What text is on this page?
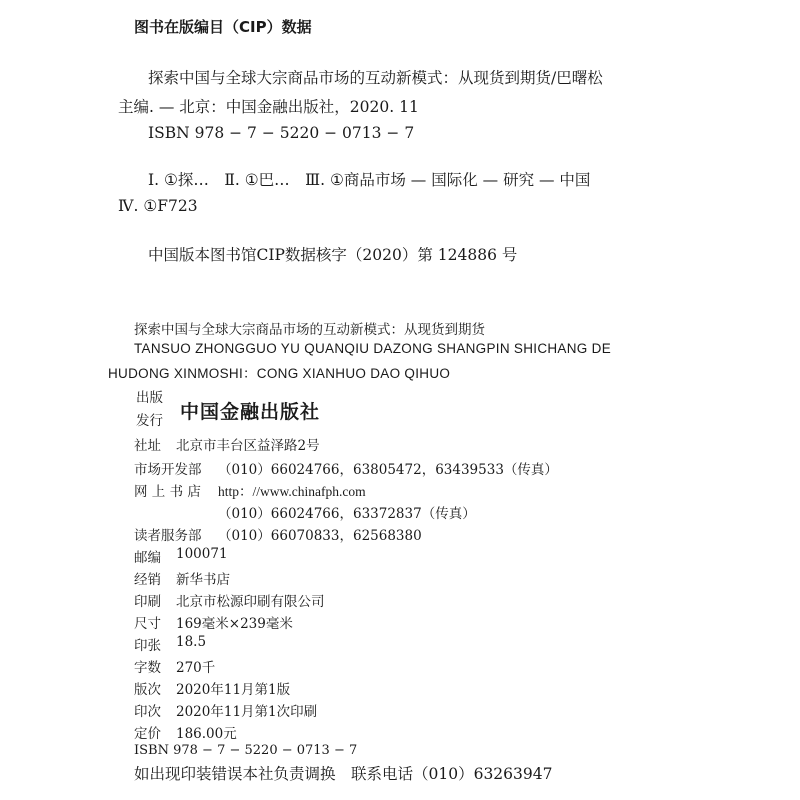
图书在版编目（CIP）数据
探索中国与全球大宗商品市场的互动新模式：从现货到期货/巴曙松
主编. — 北京：中国金融出版社，2020. 11
ISBN 978 − 7 − 5220 − 0713 − 7
Ⅰ. ①探…　Ⅱ. ①巴…　Ⅲ. ①商品市场 — 国际化 — 研究 — 中国
Ⅳ. ①F723
中国版本图书馆CIP数据核字（2020）第 124886 号
探索中国与全球大宗商品市场的互动新模式：从现货到期货
TANSUO ZHONGGUO YU QUANQIU DAZONG SHANGPIN SHICHANG DE
HUDONG XINMOSHI：CONG XIANHUO DAO QIHUO
出版
发行 中国金融出版社
社址 北京市丰台区益泽路2号
市场开发部 （010）66024766，63805472，63439533（传真）
网 上 书 店 http：//www.chinafph.com
（010）66024766，63372837（传真）
读者服务部 （010）66070833，62568380
邮编 100071
经销 新华书店
印刷 北京市松源印刷有限公司
尺寸 169毫米×239毫米
印张 18.5
字数 270千
版次 2020年11月第1版
印次 2020年11月第1次印刷
定价 186.00元
ISBN 978 − 7 − 5220 − 0713 − 7
如出现印装错误本社负责调换　联系电话（010）63263947
